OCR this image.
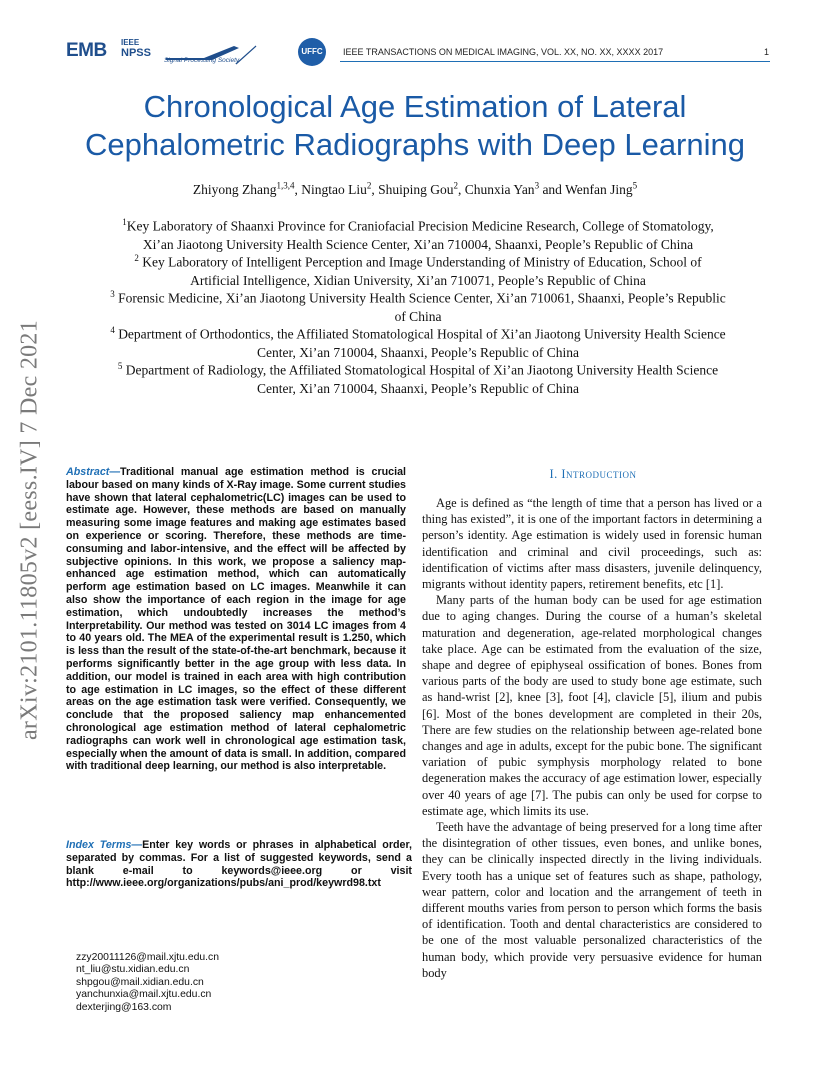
EMB IEEE
NPSS
Signal Processing Society
UFFC	IEEE TRANSACTIONS ON MEDICAL IMAGING, VOL. XX, NO. XX, XXXX 2017	1
Chronological Age Estimation of Lateral
Cephalometric Radiographs with Deep Learning
Zhiyong Zhang$^{1,3,4}$, Ningtao Liu$^2$, Shuiping Gou$^2$, Chunxia Yan$^3$ and Wenfan Jing$^5$
$^1$Key Laboratory of Shaanxi Province for Craniofacial Precision Medicine Research, College of Stomatology,
Xi’an Jiaotong University Health Science Center, Xi’an 710004, Shaanxi, People’s Republic of China
$^2$ Key Laboratory of Intelligent Perception and Image Understanding of Ministry of Education, School of
Artificial Intelligence, Xidian University, Xi’an 710071, People’s Republic of China
$^3$ Forensic Medicine, Xi’an Jiaotong University Health Science Center, Xi’an 710061, Shaanxi, People’s Republic
of China
$^4$ Department of Orthodontics, the Affiliated Stomatological Hospital of Xi’an Jiaotong University Health Science
Center, Xi’an 710004, Shaanxi, People’s Republic of China
$^5$ Department of Radiology, the Affiliated Stomatological Hospital of Xi’an Jiaotong University Health Science
Center, Xi’an 710004, Shaanxi, People’s Republic of China
arXiv:2101.11805v2 [eess.IV] 7 Dec 2021 Abstract—Traditional manual age estimation method is crucial labour based on many kinds of X-Ray image. Some current studies have shown that lateral cephalometric(LC) images can be used to estimate age. However, these methods are based on manually measuring some image features and making age estimates based on experience or scoring. Therefore, these methods are time-consuming and labor-intensive, and the effect will be affected by subjective opinions. In this work, we propose a saliency map-enhanced age estimation method, which can automatically perform age estimation based on LC images. Meanwhile it can also show the importance of each region in the image for age estimation, which undoubtedly increases the method’s Interpretability. Our method was tested on 3014 LC images from 4 to 40 years old. The MEA of the experimental result is 1.250, which is less than the result of the state-of-the-art benchmark, because it performs significantly better in the age group with less data. In addition, our model is trained in each area with high contribution to age estimation in LC images, so the effect of these different areas on the age estimation task were verified. Consequently, we conclude that the proposed saliency map enhancemented chronological age estimation method of lateral cephalometric radiographs can work well in chronological age estimation task, especially when the amount of data is small. In addition, compared with traditional deep learning, our method is also interpretable.
Index Terms—Enter key words or phrases in alphabetical order, separated by commas. For a list of suggested keywords, send a blank e-mail to keywords@ieee.org or visit http://www.ieee.org/organizations/pubs/ani_prod/keywrd98.txt
zzy20011126@mail.xjtu.edu.cn
nt_liu@stu.xidian.edu.cn
shpgou@mail.xidian.edu.cn
yanchunxia@mail.xjtu.edu.cn
dexterjing@163.com
I. Introduction

Age is defined as “the length of time that a person has lived or a thing has existed”, it is one of the important factors in determining a person’s identity. Age estimation is widely used in forensic human identification and criminal and civil proceedings, such as: identification of victims after mass disasters, juvenile delinquency, migrants without identity papers, retirement benefits, etc [1].

Many parts of the human body can be used for age estimation due to aging changes. During the course of a human’s skeletal maturation and degeneration, age-related morphological changes take place. Age can be estimated from the evaluation of the size, shape and degree of epiphyseal ossification of bones. Bones from various parts of the body are used to study bone age estimate, such as hand-wrist [2], knee [3], foot [4], clavicle [5], ilium and pubis [6]. Most of the bones development are completed in their 20s, There are few studies on the relationship between age-related bone changes and age in adults, except for the pubic bone. The significant variation of pubic symphysis morphology related to bone degeneration makes the accuracy of age estimation lower, especially over 40 years of age [7]. The pubis can only be used for corpse to estimate age, which limits its use.

Teeth have the advantage of being preserved for a long time after the disintegration of other tissues, even bones, and unlike bones, they can be clinically inspected directly in the living individuals. Every tooth has a unique set of features such as shape, pathology, wear pattern, color and location and the arrangement of teeth in different mouths varies from person to person which forms the basis of identification. Tooth and dental characteristics are considered to be one of the most valuable personalized characteristics of the human body, which provide very persuasive evidence for human body
